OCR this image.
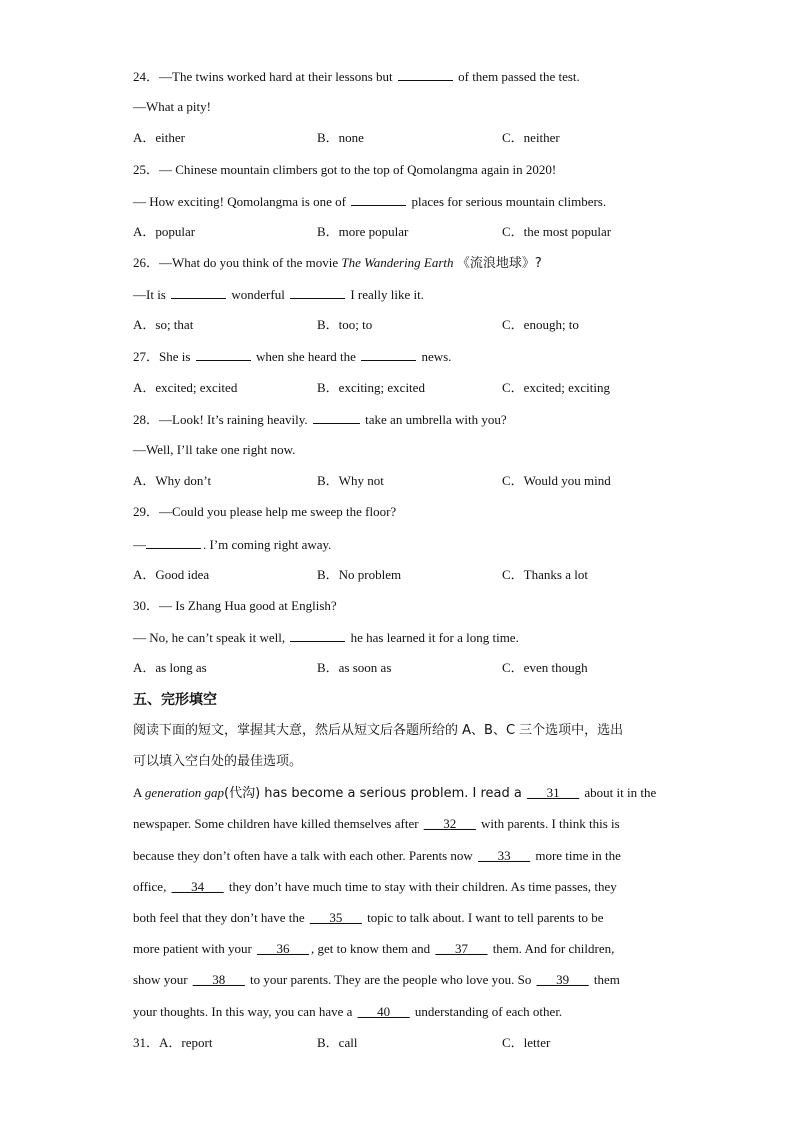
24．—The twins worked hard at their lessons but	of them passed the test.
—What a pity!
A．either	B．none	C．neither
25．— Chinese mountain climbers got to the top of Qomolangma again in 2020!
— How exciting! Qomolangma is one of	places for serious mountain climbers.
A．popular	B．more popular	C．the most popular
26．—What do you think of the movie The Wandering Earth 《流浪地球》?
—It is	wonderful	I really like it.
A．so; that	B．too; to	C．enough; to
27．She is	when she heard the	news.
A．excited; excited	B．exciting; excited	C．excited; exciting
28．—Look! It’s raining heavily.	take an umbrella with you?
—Well, I’ll take one right now.
A．Why don’t	B．Why not	C．Would you mind
29．—Could you please help me sweep the floor?
—	. I’m coming right away.
A．Good idea	B．No problem	C．Thanks a lot
30．— Is Zhang Hua good at English?
— No, he can’t speak it well,	he has learned it for a long time.
A．as long as	B．as soon as	C．even though
五、完形填空
阅读下面的短文，掌握其大意，然后从短文后各题所给的 A、B、C 三个选项中，选出
可以填入空白处的最佳选项。
A generation gap(代沟) has become a serious problem. I read a ___31___ about it in the
newspaper. Some children have killed themselves after ___32___ with parents. I think this is
because they don’t often have a talk with each other. Parents now ___33___ more time in the
office, ___34___ they don’t have much time to stay with their children. As time passes, they
both feel that they don’t have the ___35___ topic to talk about. I want to tell parents to be
more patient with your ___36___ , get to know them and ___37___ them. And for children,
show your ___38___ to your parents. They are the people who love you. So ___39___ them
your thoughts. In this way, you can have a ___40___ understanding of each other.
31．A．report	B．call	C．letter
